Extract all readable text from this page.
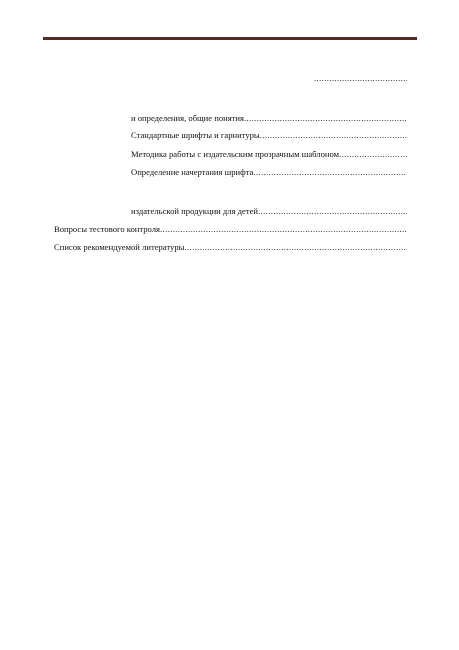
.....
и определения, общие понятия
.....
Стандартные шрифты и гарнитуры
.....
Методика работы с издательским прозрачным шаблоном
.....
Определение начертания шрифта
.....
издательской продукции для детей
.....
Вопросы тестового контроля
.....
Список рекомендуемой литературы
.....
